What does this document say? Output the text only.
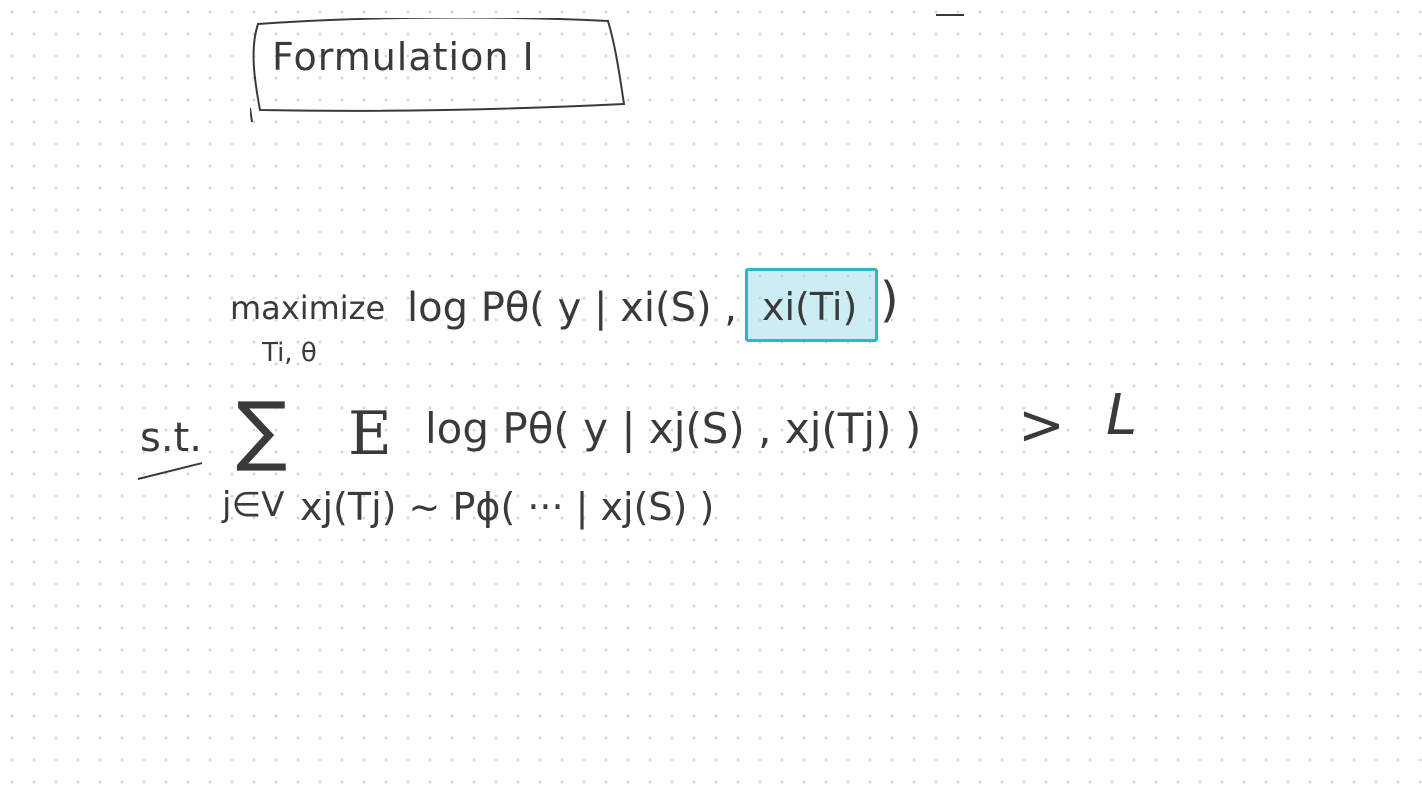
Formulation I
maximize
Ti, θ
log Pθ( y | xi(S) , xi(Ti) )
s.t. ∑ E log Pθ( y | xj(S) , xj(Tj) ) > L
j∈V xj(Tj) ~ Pϕ( ··· | xj(S) )
